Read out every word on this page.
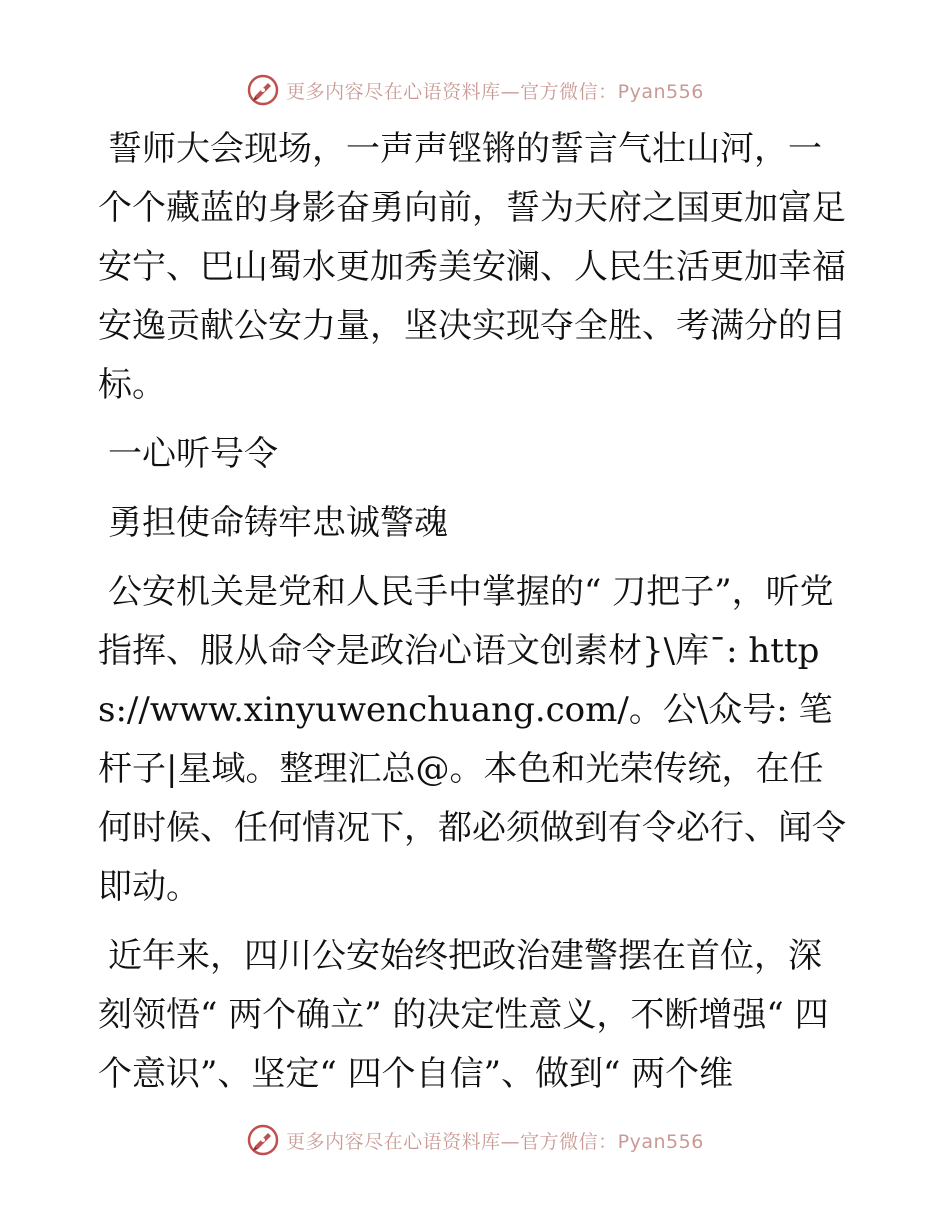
更多内容尽在心语资料库—官方微信：Pyan556

誓师大会现场，一声声铿锵的誓言气壮山河，一个个藏蓝的身影奋勇向前，誓为天府之国更加富足安宁、巴山蜀水更加秀美安澜、人民生活更加幸福安逸贡献公安力量，坚决实现夺全胜、考满分的目标。

一心听号令

勇担使命铸牢忠诚警魂

公安机关是党和人民手中掌握的“ 刀把子”，听党指挥、服从命令是政治心语文创素材}\库¯: https://www.xinyuwenchuang.com/。公\众号: 笔杆子|星域。整理汇总@。本色和光荣传统，在任何时候、任何情况下，都必须做到有令必行、闻令即动。

近年来，四川公安始终把政治建警摆在首位，深刻领悟“ 两个确立” 的决定性意义，不断增强“ 四个意识”、坚定“ 四个自信”、做到“ 两个维

更多内容尽在心语资料库—官方微信：Pyan556
